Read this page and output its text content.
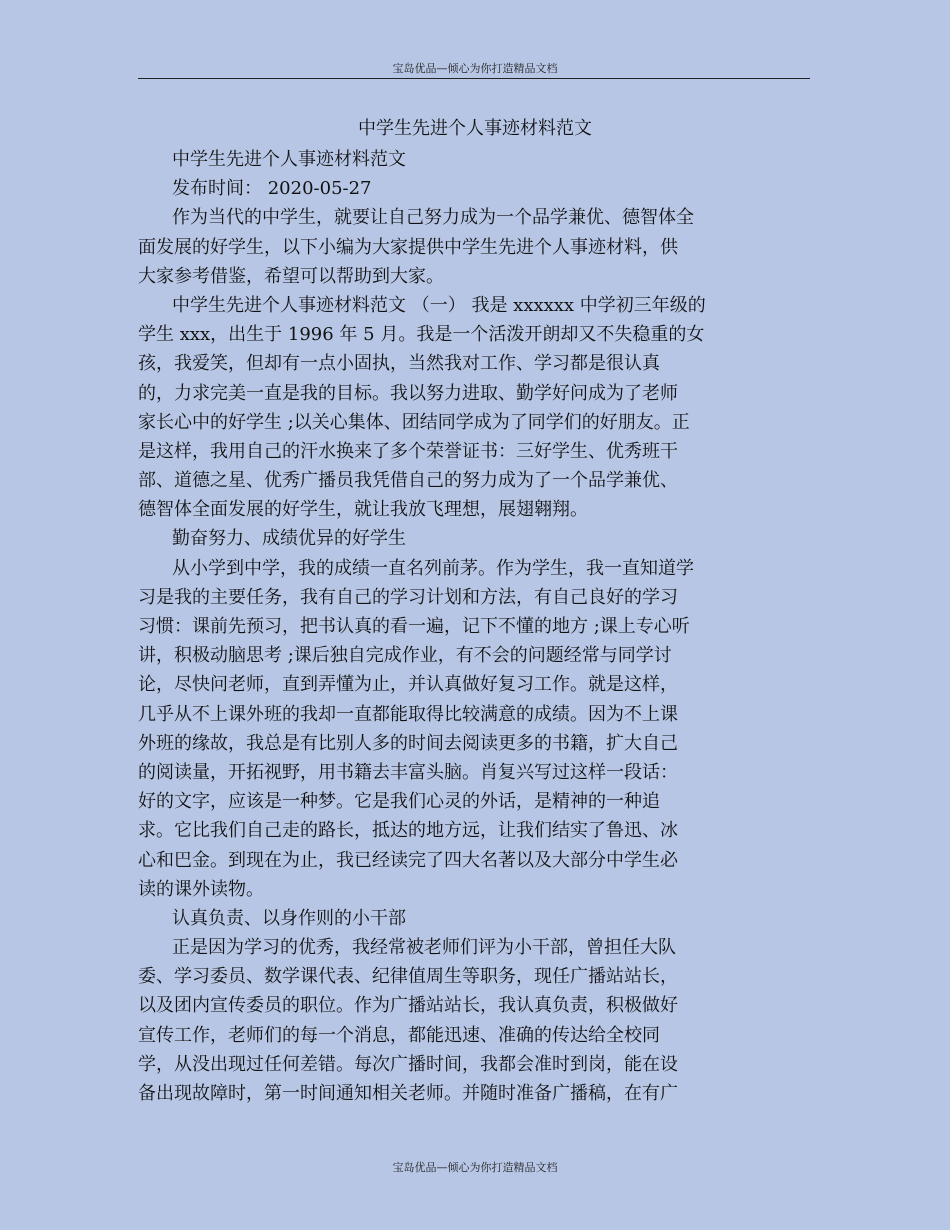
宝岛优品—倾心为你打造精品文档
中学生先进个人事迹材料范文
中学生先进个人事迹材料范文
发布时间： 2020-05-27
作为当代的中学生，就要让自己努力成为一个品学兼优、德智体全
面发展的好学生，以下小编为大家提供中学生先进个人事迹材料，供
大家参考借鉴，希望可以帮助到大家。
中学生先进个人事迹材料范文 （一） 我是 xxxxxx 中学初三年级的
学生 xxx，出生于 1996 年 5 月。我是一个活泼开朗却又不失稳重的女
孩，我爱笑，但却有一点小固执，当然我对工作、学习都是很认真
的，力求完美一直是我的目标。我以努力进取、勤学好问成为了老师
家长心中的好学生 ;以关心集体、团结同学成为了同学们的好朋友。正
是这样，我用自己的汗水换来了多个荣誉证书：三好学生、优秀班干
部、道德之星、优秀广播员我凭借自己的努力成为了一个品学兼优、
德智体全面发展的好学生，就让我放飞理想，展翅翱翔。
勤奋努力、成绩优异的好学生
从小学到中学，我的成绩一直名列前茅。作为学生，我一直知道学
习是我的主要任务，我有自己的学习计划和方法，有自己良好的学习
习惯：课前先预习，把书认真的看一遍，记下不懂的地方 ;课上专心听
讲，积极动脑思考 ;课后独自完成作业，有不会的问题经常与同学讨
论，尽快问老师，直到弄懂为止，并认真做好复习工作。就是这样，
几乎从不上课外班的我却一直都能取得比较满意的成绩。因为不上课
外班的缘故，我总是有比别人多的时间去阅读更多的书籍，扩大自己
的阅读量，开拓视野，用书籍去丰富头脑。肖复兴写过这样一段话：
好的文字，应该是一种梦。它是我们心灵的外话，是精神的一种追
求。它比我们自己走的路长，抵达的地方远，让我们结实了鲁迅、冰
心和巴金。到现在为止，我已经读完了四大名著以及大部分中学生必
读的课外读物。
认真负责、以身作则的小干部
正是因为学习的优秀，我经常被老师们评为小干部，曾担任大队
委、学习委员、数学课代表、纪律值周生等职务，现任广播站站长，
以及团内宣传委员的职位。作为广播站站长，我认真负责，积极做好
宣传工作，老师们的每一个消息，都能迅速、准确的传达给全校同
学，从没出现过任何差错。每次广播时间，我都会准时到岗，能在设
备出现故障时，第一时间通知相关老师。并随时准备广播稿，在有广
宝岛优品—倾心为你打造精品文档
